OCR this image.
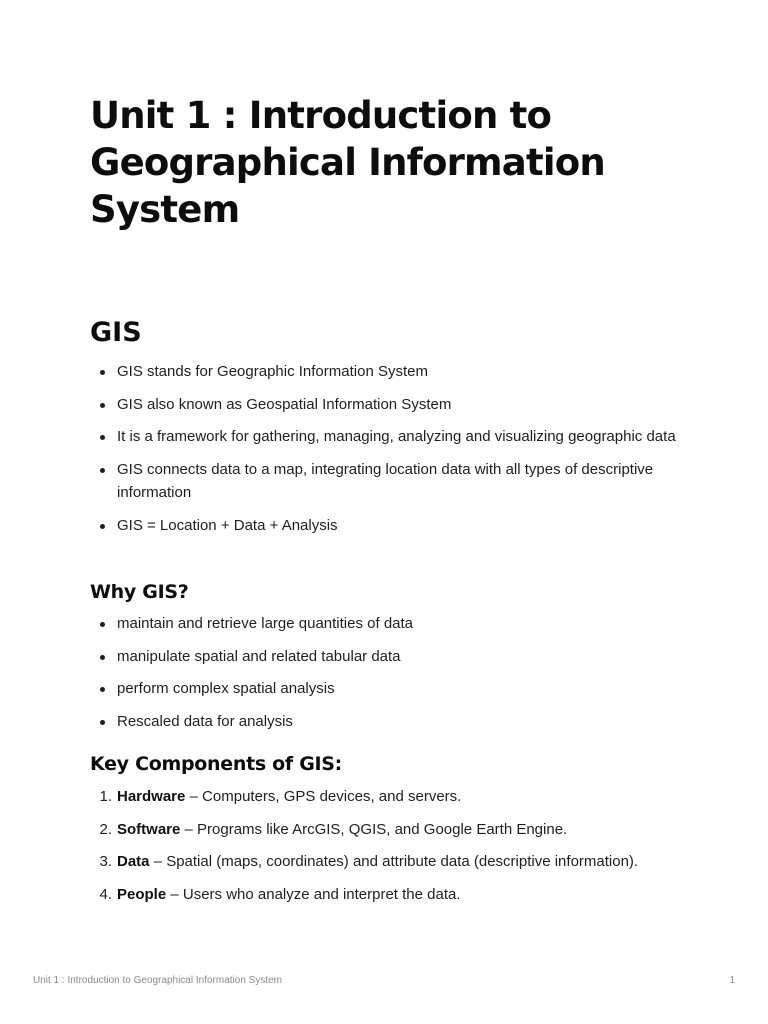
Unit 1 : Introduction to Geographical Information System
GIS
GIS stands for Geographic Information System
GIS also known as Geospatial Information System
It is a framework for gathering, managing, analyzing and visualizing geographic data
GIS connects data to a map, integrating location data with all types of descriptive information
GIS = Location + Data + Analysis
Why GIS?
maintain and retrieve large quantities of data
manipulate spatial and related tabular data
perform complex spatial analysis
Rescaled data for analysis
Key Components of GIS:
1. Hardware – Computers, GPS devices, and servers.
2. Software – Programs like ArcGIS, QGIS, and Google Earth Engine.
3. Data – Spatial (maps, coordinates) and attribute data (descriptive information).
4. People – Users who analyze and interpret the data.
Unit 1 : Introduction to Geographical Information System	1
